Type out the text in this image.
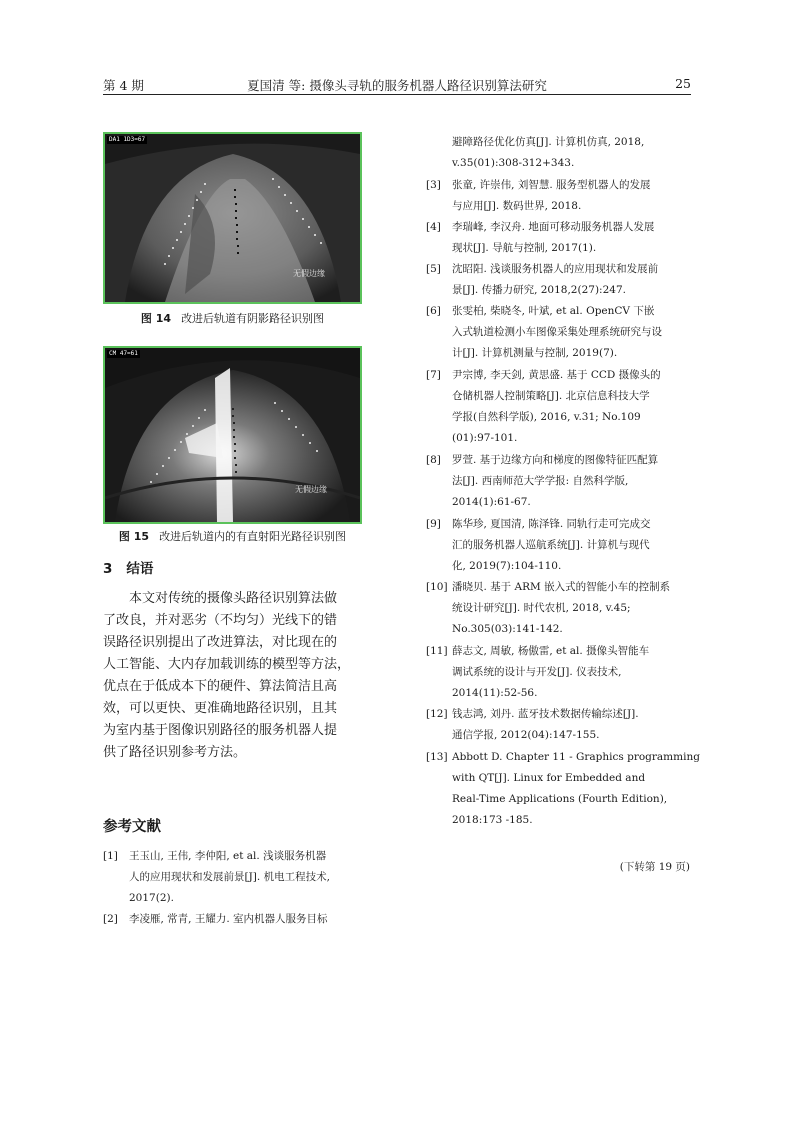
第 4 期	夏国清 等: 摄像头寻轨的服务机器人路径识别算法研究	25
DA1 1D3=67
无假边缘
图 14 改进后轨道有阴影路径识别图
CM 47=61
无假边缘
图 15 改进后轨道内的有直射阳光路径识别图
3 结语
本文对传统的摄像头路径识别算法做
了改良，并对恶劣（不均匀）光线下的错
误路径识别提出了改进算法，对比现在的
人工智能、大内存加载训练的模型等方法，
优点在于低成本下的硬件、算法简洁且高
效，可以更快、更准确地路径识别，且其
为室内基于图像识别路径的服务机器人提
供了路径识别参考方法。
参考文献
[1] 王玉山, 王伟, 李仲阳, et al. 浅谈服务机器
人的应用现状和发展前景[J]. 机电工程技术,
2017(2).
[2] 李凌雁, 常青, 王耀力. 室内机器人服务目标
避障路径优化仿真[J]. 计算机仿真, 2018,
v.35(01):308-312+343.
[3] 张童, 许崇伟, 刘智慧. 服务型机器人的发展
与应用[J]. 数码世界, 2018.
[4] 李瑞峰, 李汉舟. 地面可移动服务机器人发展
现状[J]. 导航与控制, 2017(1).
[5] 沈昭阳. 浅谈服务机器人的应用现状和发展前
景[J]. 传播力研究, 2018,2(27):247.
[6] 张雯柏, 柴晓冬, 叶斌, et al. OpenCV 下嵌
入式轨道检测小车图像采集处理系统研究与设
计[J]. 计算机测量与控制, 2019(7).
[7] 尹宗博, 李天剑, 黄思盛. 基于 CCD 摄像头的
仓储机器人控制策略[J]. 北京信息科技大学
学报(自然科学版), 2016, v.31; No.109
(01):97-101.
[8] 罗萱. 基于边缘方向和梯度的图像特征匹配算
法[J]. 西南师范大学学报: 自然科学版,
2014(1):61-67.
[9] 陈华珍, 夏国清, 陈泽锋. 同轨行走可完成交
汇的服务机器人巡航系统[J]. 计算机与现代
化, 2019(7):104-110.
[10] 潘晓贝. 基于 ARM 嵌入式的智能小车的控制系
统设计研究[J]. 时代农机, 2018, v.45;
No.305(03):141-142.
[11] 薛志文, 周敏, 杨傲雷, et al. 摄像头智能车
调试系统的设计与开发[J]. 仪表技术,
2014(11):52-56.
[12] 钱志鸿, 刘丹. 蓝牙技术数据传输综述[J].
通信学报, 2012(04):147-155.
[13] Abbott D. Chapter 11 - Graphics programming
with QT[J]. Linux for Embedded and
Real-Time Applications (Fourth Edition),
2018:173 -185.
(下转第 19 页)
